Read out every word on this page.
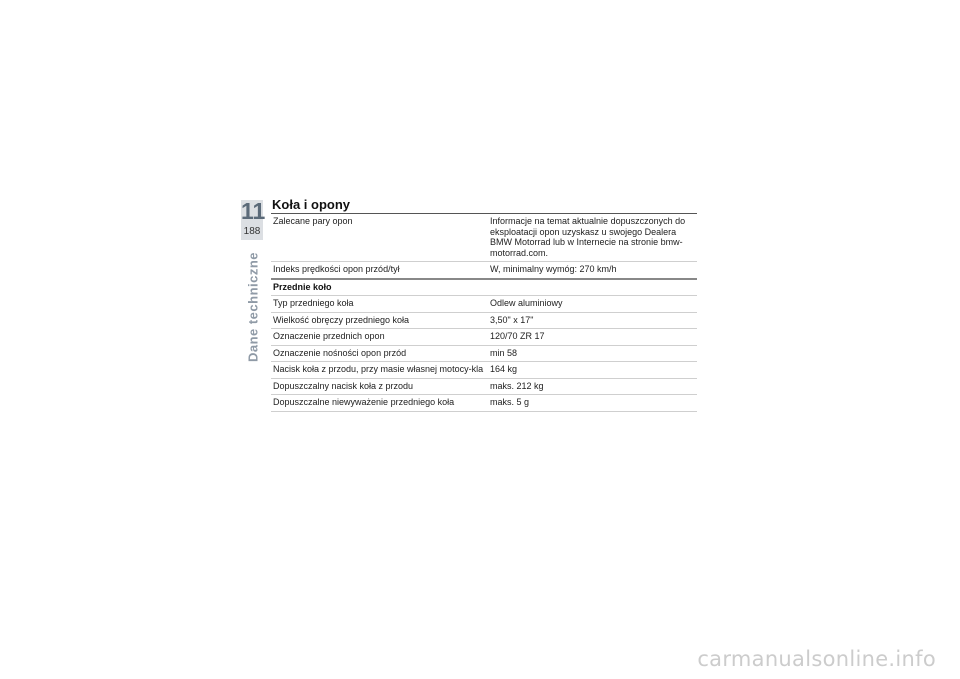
11
188
Dane techniczne
Koła i opony
Zalecane pary opon	Informacje na temat aktualnie dopuszczonych do eksploatacji opon uzyskasz u swojego Dealera BMW Motorrad lub w Internecie na stronie bmw-motorrad.com.
Indeks prędkości opon przód/tył	W, minimalny wymóg: 270 km/h
Przednie koło	
Typ przedniego koła	Odlew aluminiowy
Wielkość obręczy przedniego koła	3,50" x 17"
Oznaczenie przednich opon	120/70 ZR 17
Oznaczenie nośności opon przód	min 58
Nacisk koła z przodu, przy masie własnej motocy-kla	164 kg
Dopuszczalny nacisk koła z przodu	maks. 212 kg
Dopuszczalne niewyważenie przedniego koła	maks. 5 g
carmanualsonline.info
